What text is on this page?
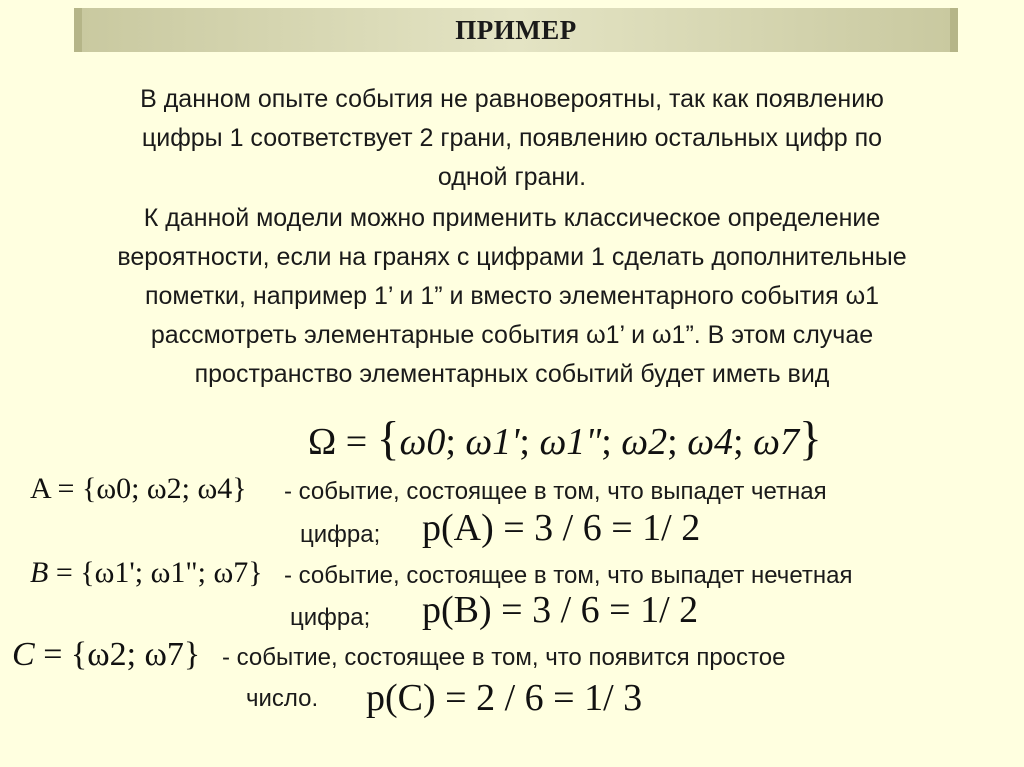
ПРИМЕР
В данном опыте события не равновероятны, так как появлению
цифры 1 соответствует 2 грани, появлению остальных цифр по
одной грани.
К данной модели можно применить классическое определение
вероятности, если на гранях с цифрами 1 сделать дополнительные
пометки, например 1’ и 1” и вместо элементарного события ω1
рассмотреть элементарные события ω1’ и ω1”. В этом случае
пространство элементарных событий будет иметь вид
Ω = {ω0; ω1'; ω1"; ω2; ω4; ω7}
A = {ω0; ω2; ω4} - событие, состоящее в том, что выпадет четная
цифра; p(A) = 3 / 6 = 1/ 2
B = {ω1'; ω1"; ω7} - событие, состоящее в том, что выпадет нечетная
цифра; p(B) = 3 / 6 = 1/ 2
C = {ω2; ω7} - событие, состоящее в том, что появится простое
число. p(C) = 2 / 6 = 1/ 3
